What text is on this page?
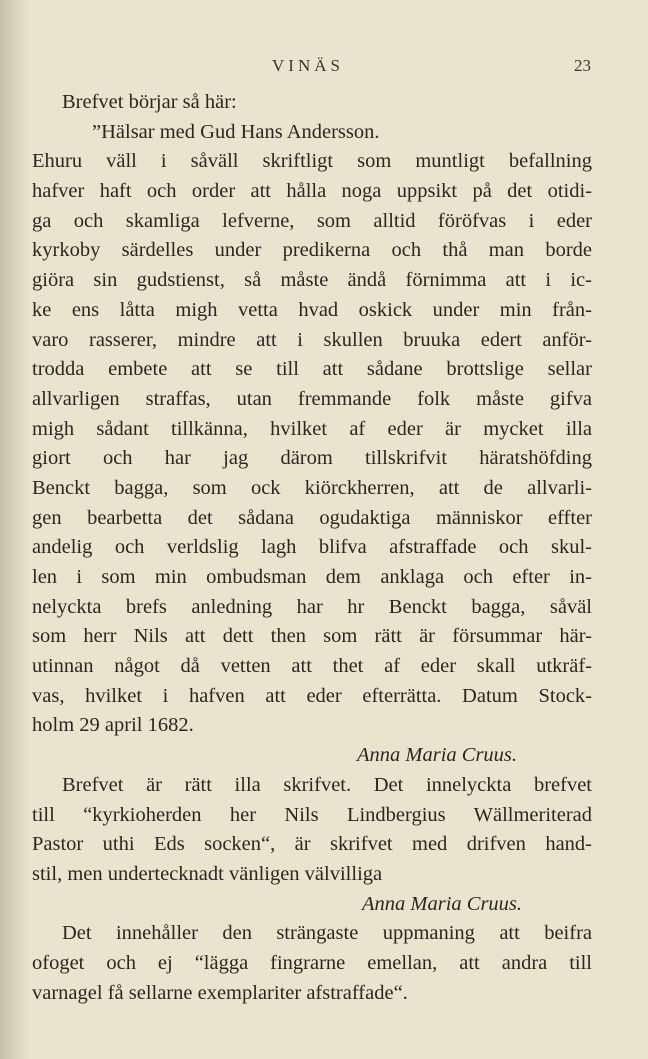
VINÄS	23
Brefvet börjar så här:
”Hälsar med Gud Hans Andersson.
Ehuru väll i såväll skriftligt som muntligt befallning
hafver haft och order att hålla noga uppsikt på det otidi-
ga och skamliga lefverne, som alltid föröfvas i eder
kyrkoby särdelles under predikerna och thå man borde
giöra sin gudstienst, så måste ändå förnimma att i ic-
ke ens låtta migh vetta hvad oskick under min från-
varo rasserer, mindre att i skullen bruuka edert anför-
trodda embete att se till att sådane brottslige sellar
allvarligen straffas, utan fremmande folk måste gifva
migh sådant tillkänna, hvilket af eder är mycket illa
giort och har jag därom tillskrifvit häratshöfding
Benckt bagga, som ock kiörckherren, att de allvarli-
gen bearbetta det sådana ogudaktiga människor effter
andelig och verldslig lagh blifva afstraffade och skul-
len i som min ombudsman dem anklaga och efter in-
nelyckta brefs anledning har hr Benckt bagga, såväl
som herr Nils att dett then som rätt är försummar här-
utinnan något då vetten att thet af eder skall utkräf-
vas, hvilket i hafven att eder efterrätta. Datum Stock-
holm 29 april 1682.
Anna Maria Cruus.
Brefvet är rätt illa skrifvet. Det innelyckta brefvet
till “kyrkioherden her Nils Lindbergius Wällmeriterad
Pastor uthi Eds socken“, är skrifvet med drifven hand-
stil, men undertecknadt vänligen välvilliga
Anna Maria Cruus.
Det innehåller den strängaste uppmaning att beifra
ofoget och ej “lägga fingrarne emellan, att andra till
varnagel få sellarne exemplariter afstraffade“.
